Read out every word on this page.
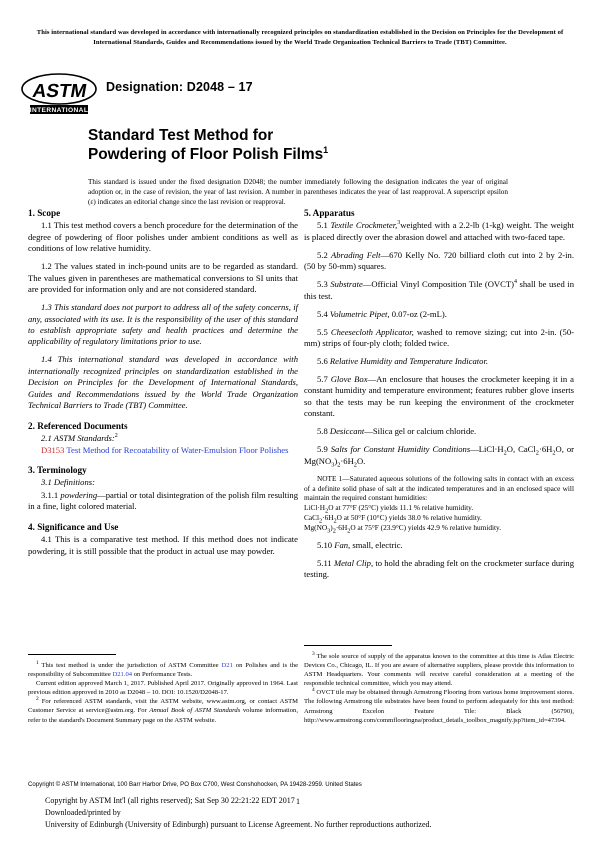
This international standard was developed in accordance with internationally recognized principles on standardization established in the Decision on Principles for the Development of International Standards, Guides and Recommendations issued by the World Trade Organization Technical Barriers to Trade (TBT) Committee.
ASTM
INTERNATIONAL
Designation: D2048 – 17
Standard Test Method for
Powdering of Floor Polish Films$^1$
This standard is issued under the fixed designation D2048; the number immediately following the designation indicates the year of original adoption or, in the case of revision, the year of last revision. A number in parentheses indicates the year of last reapproval. A superscript epsilon (ε) indicates an editorial change since the last revision or reapproval.
1. Scope

1.1 This test method covers a bench procedure for the determination of the degree of powdering of floor polishes under ambient conditions as well as conditions of low relative humidity.

1.2 The values stated in inch-pound units are to be regarded as standard. The values given in parentheses are mathematical conversions to SI units that are provided for information only and are not considered standard.

1.3 This standard does not purport to address all of the safety concerns, if any, associated with its use. It is the responsibility of the user of this standard to establish appropriate safety and health practices and determine the applicability of regulatory limitations prior to use.

1.4 This international standard was developed in accordance with internationally recognized principles on standardization established in the Decision on Principles for the Development of International Standards, Guides and Recommendations issued by the World Trade Organization Technical Barriers to Trade (TBT) Committee.

2. Referenced Documents

2.1 ASTM Standards:$^2$

D3153 Test Method for Recoatability of Water-Emulsion Floor Polishes

3. Terminology

3.1 Definitions:

3.1.1 powdering—partial or total disintegration of the polish film resulting in a fine, light colored material.

4. Significance and Use

4.1 This is a comparative test method. If this method does not indicate powdering, it is still possible that the product in actual use may powder.

5. Apparatus

5.1 Textile Crockmeter,$^3$weighted with a 2.2-lb (1-kg) weight. The weight is placed directly over the abrasion dowel and attached with two-faced tape.

5.2 Abrading Felt—670 Kelly No. 720 billiard cloth cut into 2 by 2-in. (50 by 50-mm) squares.

5.3 Substrate—Official Vinyl Composition Tile (OVCT)$^4$ shall be used in this test.

5.4 Volumetric Pipet, 0.07-oz (2-mL).

5.5 Cheesecloth Applicator, washed to remove sizing; cut into 2-in. (50-mm) strips of four-ply cloth; folded twice.

5.6 Relative Humidity and Temperature Indicator.

5.7 Glove Box—An enclosure that houses the crockmeter keeping it in a constant humidity and temperature environment; features rubber glove inserts so that the tests may be run keeping the environment of the crockmeter constant.

5.8 Desiccant—Silica gel or calcium chloride.

5.9 Salts for Constant Humidity $Conditions—LiCl\cdot H_2O$, $CaCl_2\cdot 6H_2O$, or $Mg(NO_3)_2\cdot 6H_2O$.

NOTE 1—Saturated aqueous solutions of the following salts in contact with an excess of a definite solid phase of salt at the indicated temperatures and in an enclosed space will maintain the required constant humidities:

$LiCl\cdot H_2O$ at 77°F (25°C) yields 11.1 % relative humidity.
$CaCl_2\cdot 6H_2O$ at 50°F (10°C) yields 38.0 % relative humidity.
$Mg(NO_3)_2\cdot 6H_2O$ at 75°F (23.9°C) yields 42.9 % relative humidity.

5.10 Fan, small, electric.

5.11 Metal Clip, to hold the abrading felt on the crockmeter surface during testing.

$^1$ This test method is under the jurisdiction of ASTM Committee D21 on Polishes and is the responsibility of Subcommittee D21.04 on Performance Tests.

Current edition approved March 1, 2017. Published April 2017. Originally approved in 1964. Last previous edition approved in 2010 as D2048 – 10. DOI: 10.1520/D2048-17.

$^2$ For referenced ASTM standards, visit the ASTM website, www.astm.org, or contact ASTM Customer Service at service@astm.org. For Annual Book of ASTM Standards volume information, refer to the standard's Document Summary page on the ASTM website.

$^3$ The sole source of supply of the apparatus known to the committee at this time is Atlas Electric Devices Co., Chicago, IL. If you are aware of alternative suppliers, please provide this information to ASTM Headquarters. Your comments will receive careful consideration at a meeting of the responsible technical committee, which you may attend.

$^4$ OVCT tile may be obtained through Armstrong Flooring from various home improvement stores. The following Armstrong tile substrates have been found to perform adequately for this test method: Armstrong Excelon Feature Tile: Black (56790), http://www.armstrong.com/commflooringna/product_details_toolbox_magnify.jsp?item_id=47394.

Copyright © ASTM International, 100 Barr Harbor Drive, PO Box C700, West Conshohocken, PA 19428-2959. United States
Copyright by ASTM Int'l (all rights reserved); Sat Sep 30 22:21:22 EDT 2017
Downloaded/printed by
University of Edinburgh (University of Edinburgh) pursuant to License Agreement. No further reproductions authorized.
1
